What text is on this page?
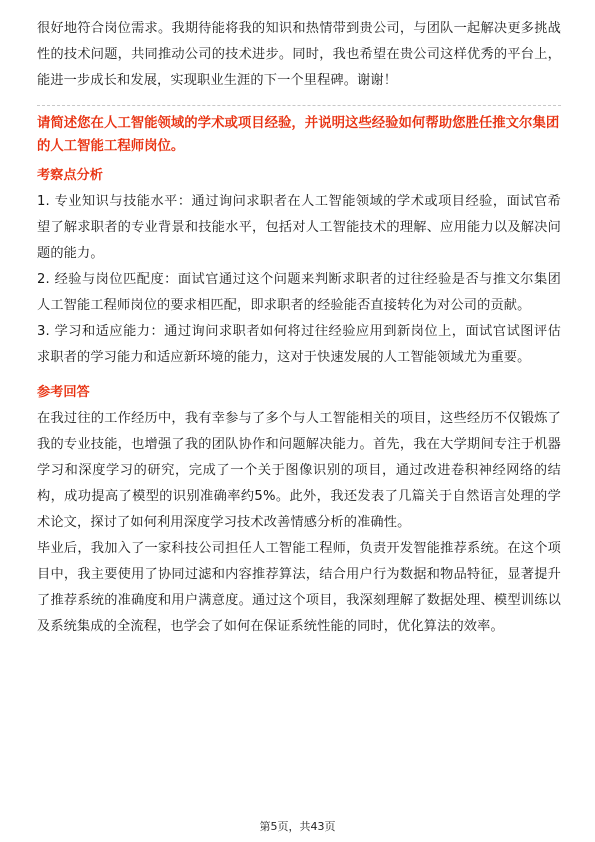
很好地符合岗位需求。我期待能将我的知识和热情带到贵公司，与团队一起解决更多挑战性的技术问题，共同推动公司的技术进步。同时，我也希望在贵公司这样优秀的平台上，能进一步成长和发展，实现职业生涯的下一个里程碑。谢谢！

请简述您在人工智能领域的学术或项目经验，并说明这些经验如何帮助您胜任推文尔集团的人工智能工程师岗位。
考察点分析

1. 专业知识与技能水平：通过询问求职者在人工智能领域的学术或项目经验，面试官希望了解求职者的专业背景和技能水平，包括对人工智能技术的理解、应用能力以及解决问题的能力。

2. 经验与岗位匹配度：面试官通过这个问题来判断求职者的过往经验是否与推文尔集团人工智能工程师岗位的要求相匹配，即求职者的经验能否直接转化为对公司的贡献。

3. 学习和适应能力：通过询问求职者如何将过往经验应用到新岗位上，面试官试图评估求职者的学习能力和适应新环境的能力，这对于快速发展的人工智能领域尤为重要。

参考回答

在我过往的工作经历中，我有幸参与了多个与人工智能相关的项目，这些经历不仅锻炼了我的专业技能，也增强了我的团队协作和问题解决能力。首先，我在大学期间专注于机器学习和深度学习的研究，完成了一个关于图像识别的项目，通过改进卷积神经网络的结构，成功提高了模型的识别准确率约5%。此外，我还发表了几篇关于自然语言处理的学术论文，探讨了如何利用深度学习技术改善情感分析的准确性。

毕业后，我加入了一家科技公司担任人工智能工程师，负责开发智能推荐系统。在这个项目中，我主要使用了协同过滤和内容推荐算法，结合用户行为数据和物品特征，显著提升了推荐系统的准确度和用户满意度。通过这个项目，我深刻理解了数据处理、模型训练以及系统集成的全流程，也学会了如何在保证系统性能的同时，优化算法的效率。

第5页，共43页
